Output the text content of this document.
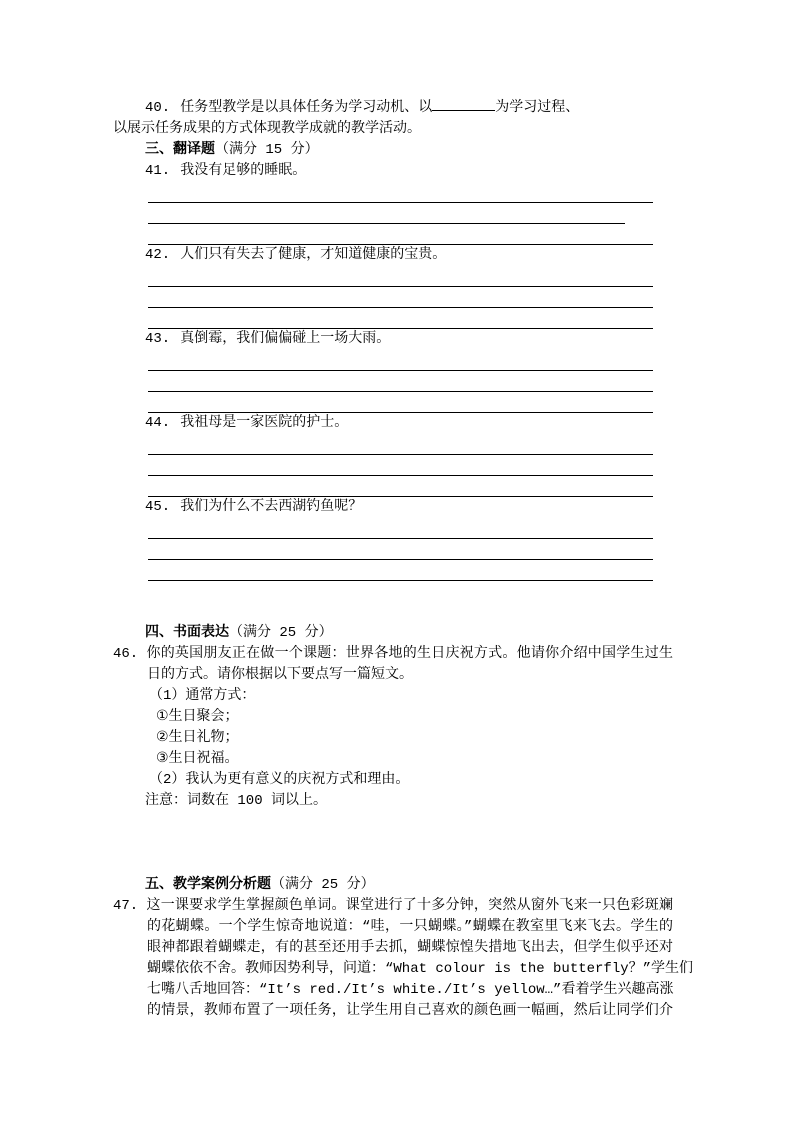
40. 任务型教学是以具体任务为学习动机、以	为学习过程、
以展示任务成果的方式体现教学成就的教学活动。
三、翻译题（满分 15 分）
41. 我没有足够的睡眠。
42. 人们只有失去了健康，才知道健康的宝贵。
43. 真倒霉，我们偏偏碰上一场大雨。
44. 我祖母是一家医院的护士。
45. 我们为什么不去西湖钓鱼呢？
四、书面表达（满分 25 分）
46. 你的英国朋友正在做一个课题：世界各地的生日庆祝方式。他请你介绍中国学生过生
日的方式。请你根据以下要点写一篇短文。
（1）通常方式：
①生日聚会；
②生日礼物；
③生日祝福。
（2）我认为更有意义的庆祝方式和理由。
注意：词数在 100 词以上。
五、教学案例分析题（满分 25 分）
47. 这一课要求学生掌握颜色单词。课堂进行了十多分钟，突然从窗外飞来一只色彩斑斓
的花蝴蝶。一个学生惊奇地说道：“哇，一只蝴蝶。”蝴蝶在教室里飞来飞去。学生的
眼神都跟着蝴蝶走，有的甚至还用手去抓，蝴蝶惊惶失措地飞出去，但学生似乎还对
蝴蝶依依不舍。教师因势利导，问道：“What colour is the butterfly？”学生们
七嘴八舌地回答：“It’s red./It’s white./It’s yellow…”看着学生兴趣高涨
的情景，教师布置了一项任务，让学生用自己喜欢的颜色画一幅画，然后让同学们介
